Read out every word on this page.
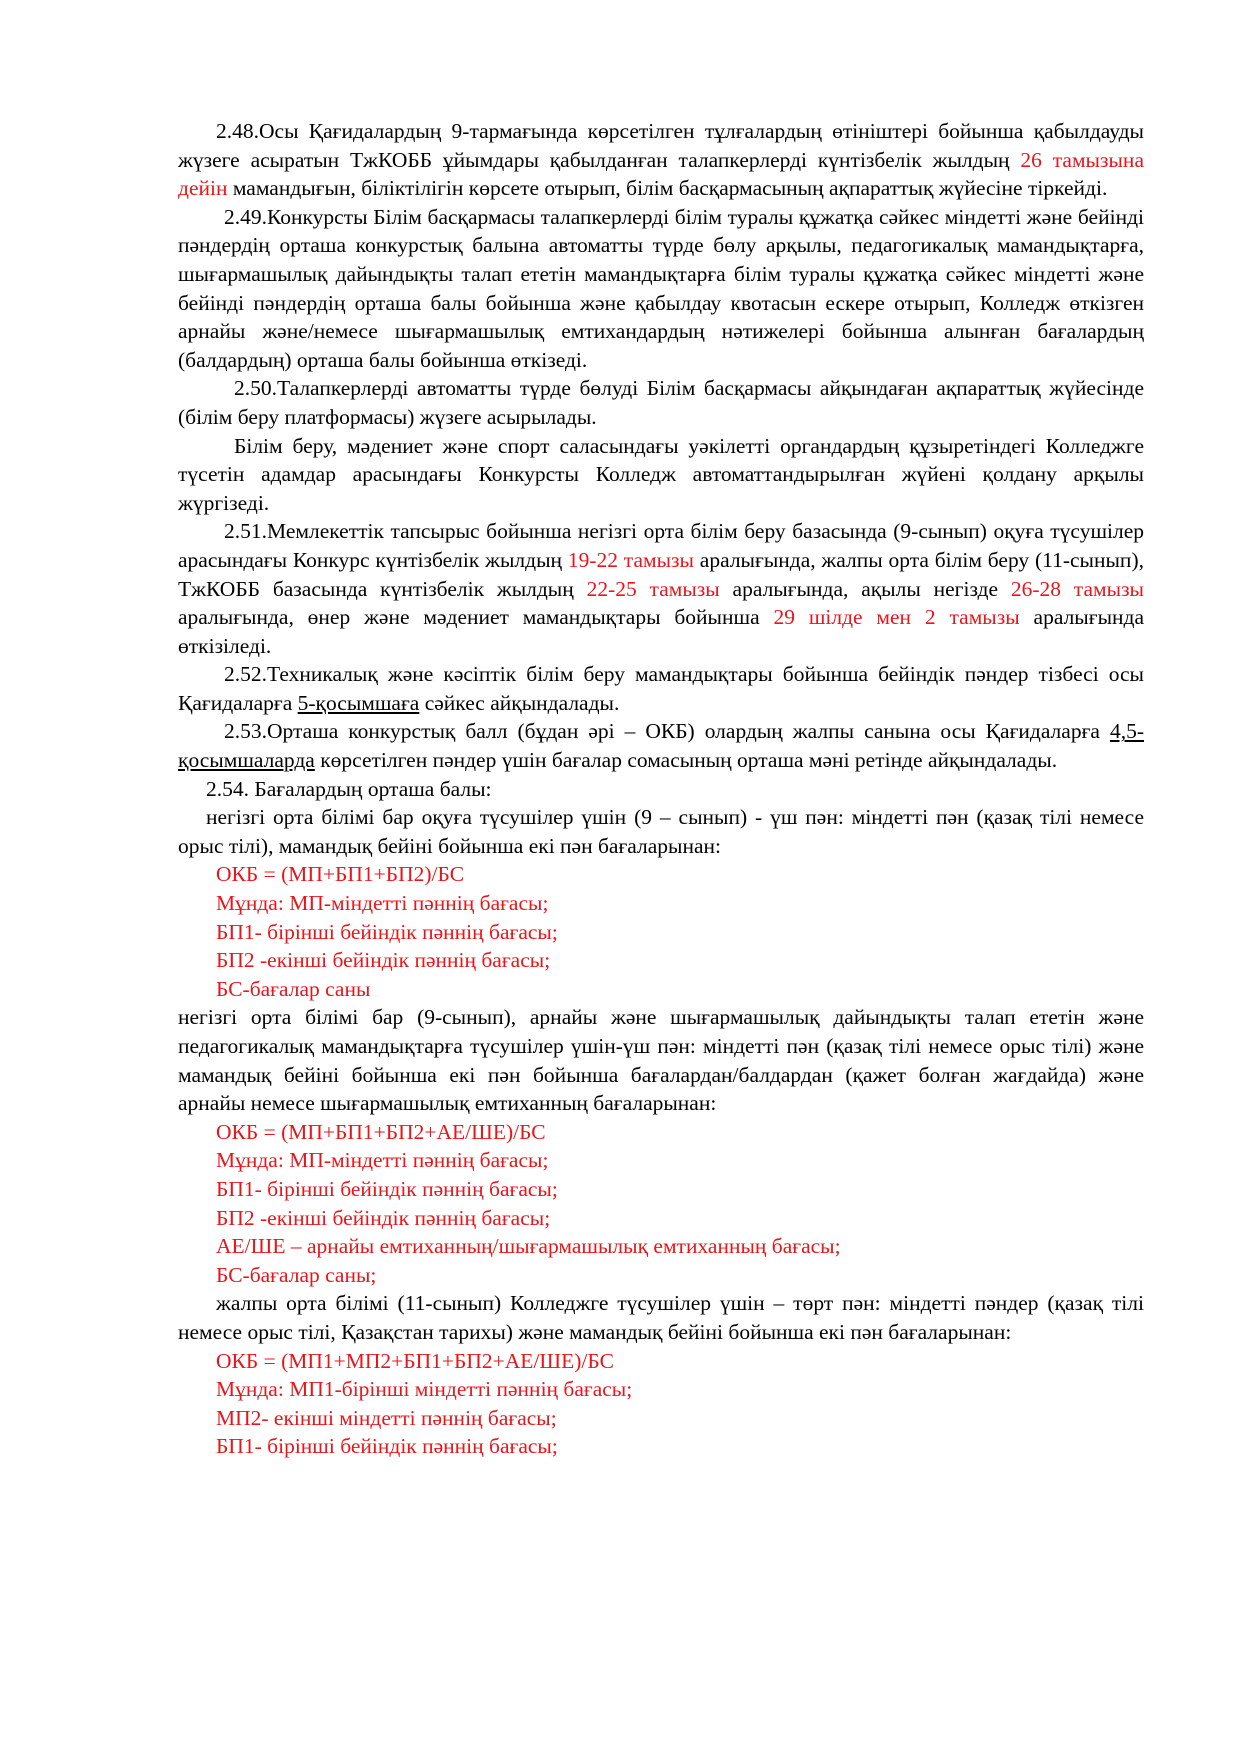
2.48.Осы Қағидалардың 9-тармағында көрсетілген тұлғалардың өтініштері бойынша қабылдауды жүзеге асыратын ТжКОББ ұйымдары қабылданған талапкерлерді күнтізбелік жылдың 26 тамызына дейін мамандығын, біліктілігін көрсете отырып, білім басқармасының ақпараттық жүйесіне тіркейді.

2.49.Конкурсты Білім басқармасы талапкерлерді білім туралы құжатқа сәйкес міндетті және бейінді пәндердің орташа конкурстық балына автоматты түрде бөлу арқылы, педагогикалық мамандықтарға, шығармашылық дайындықты талап ететін мамандықтарға білім туралы құжатқа сәйкес міндетті және бейінді пәндердің орташа балы бойынша және қабылдау квотасын ескере отырып, Колледж өткізген арнайы және/немесе шығармашылық емтихандардың нәтижелері бойынша алынған бағалардың (балдардың) орташа балы бойынша өткізеді.

2.50.Талапкерлерді автоматты түрде бөлуді Білім басқармасы айқындаған ақпараттық жүйесінде (білім беру платформасы) жүзеге асырылады.

Білім беру, мәдениет және спорт саласындағы уәкілетті органдардың құзыретіндегі Колледжге түсетін адамдар арасындағы Конкурсты Колледж автоматтандырылған жүйені қолдану арқылы жүргізеді.

2.51.Мемлекеттік тапсырыс бойынша негізгі орта білім беру базасында (9-сынып) оқуға түсушілер арасындағы Конкурс күнтізбелік жылдың 19-22 тамызы аралығында, жалпы орта білім беру (11-сынып), ТжКОББ базасында күнтізбелік жылдың 22-25 тамызы аралығында, ақылы негізде 26-28 тамызы аралығында, өнер және мәдениет мамандықтары бойынша 29 шілде мен 2 тамызы аралығында өткізіледі.

2.52.Техникалық және кәсіптік білім беру мамандықтары бойынша бейіндік пәндер тізбесі осы Қағидаларға 5-қосымшаға сәйкес айқындалады.

2.53.Орташа конкурстық балл (бұдан әрі – ОКБ) олардың жалпы санына осы Қағидаларға 4,5-қосымшаларда көрсетілген пәндер үшін бағалар сомасының орташа мәні ретінде айқындалады.

2.54. Бағалардың орташа балы:

негізгі орта білімі бар оқуға түсушілер үшін (9 – сынып) - үш пән: міндетті пән (қазақ тілі немесе орыс тілі), мамандық бейіні бойынша екі пән бағаларынан:

ОКБ = (МП+БП1+БП2)/БС

Мұнда: МП-міндетті пәннің бағасы;

БП1- бірінші бейіндік пәннің бағасы;

БП2 -екінші бейіндік пәннің бағасы;

БС-бағалар саны

негізгі орта білімі бар (9-сынып), арнайы және шығармашылық дайындықты талап ететін және педагогикалық мамандықтарға түсушілер үшін-үш пән: міндетті пән (қазақ тілі немесе орыс тілі) және мамандық бейіні бойынша екі пән бойынша бағалардан/балдардан (қажет болған жағдайда) және арнайы немесе шығармашылық емтиханның бағаларынан:

ОКБ = (МП+БП1+БП2+АЕ/ШЕ)/БС

Мұнда: МП-міндетті пәннің бағасы;

БП1- бірінші бейіндік пәннің бағасы;

БП2 -екінші бейіндік пәннің бағасы;

АЕ/ШЕ – арнайы емтиханның/шығармашылық емтиханның бағасы;

БС-бағалар саны;

жалпы орта білімі (11-сынып) Колледжге түсушілер үшін – төрт пән: міндетті пәндер (қазақ тілі немесе орыс тілі, Қазақстан тарихы) және мамандық бейіні бойынша екі пән бағаларынан:

ОКБ = (МП1+МП2+БП1+БП2+АЕ/ШЕ)/БС

Мұнда: МП1-бірінші міндетті пәннің бағасы;

МП2- екінші міндетті пәннің бағасы;

БП1- бірінші бейіндік пәннің бағасы;
